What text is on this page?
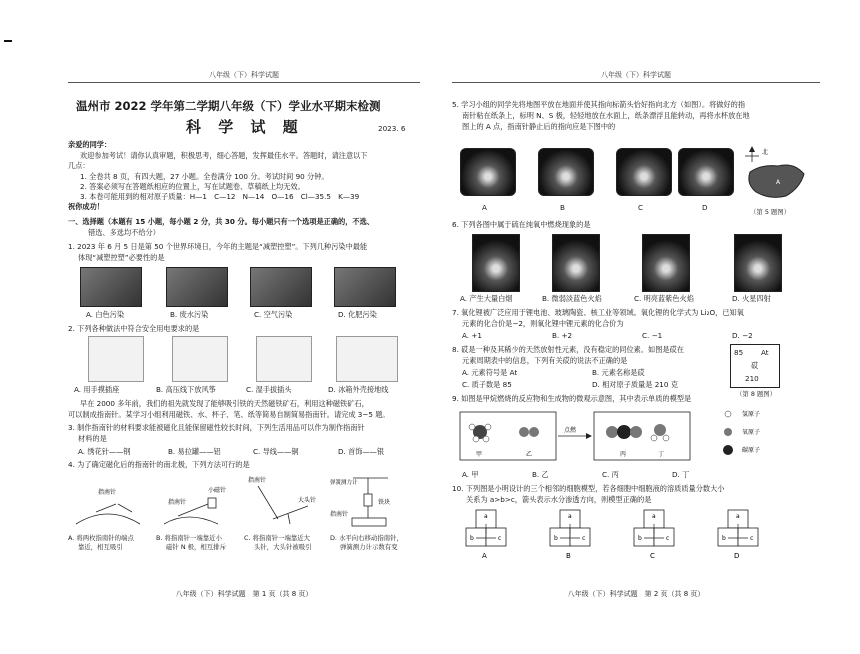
八年级（下）科学试题
温州市 2022 学年第二学期八年级（下）学业水平期末检测
科 学 试 题	2023. 6
亲爱的同学：
欢迎参加考试！请你认真审题，积极思考，细心答题，发挥最佳水平。答题时，请注意以下
几点：
1. 全卷共 8 页，有四大题，27 小题。全卷满分 100 分。考试时间 90 分钟。
2. 答案必须写在答题纸相应的位置上，写在试题卷、草稿纸上均无效。
3. 本卷可能用到的相对原子质量：H—1　C—12　N—14　O—16　Cl—35.5　K—39
祝你成功！
一、选择题（本题有 15 小题，每小题 2 分，共 30 分。每小题只有一个选项是正确的，不选、
错选、多选均不给分）
1. 2023 年 6 月 5 日是第 50 个世界环境日，今年的主题是“减塑控塑”。下列几种污染中最能
体现“减塑控塑”必要性的是
A. 白色污染	B. 废水污染	C. 空气污染	D. 化肥污染
2. 下列各种做法中符合安全用电要求的是
A. 用手摸插座	B. 高压线下放风筝	C. 湿手拔插头	D. 冰箱外壳接地线
早在 2000 多年前，我们的祖先就发现了能够吸引铁的天然磁铁矿石，利用这种磁铁矿石，
可以制成指南针。某学习小组利用磁铁、水、杯子、笔、纸等简易自制简易指南针。请完成 3~5 题。
3. 制作指南针的材料要求能被磁化且能保留磁性较长时间，下列生活用品可以作为制作指南针
材料的是
A. 绣花针——钢	B. 易拉罐——铝	C. 导线——铜	D. 首饰——银
4. 为了确定磁化后的指南针的南北极，下列方法可行的是
指南针	小磁针
指南针
指南针
大头针
弹簧测力计
铁块
指南针
A. 将两枚指南针的端点
靠近，相互吸引
B. 将指南针一端靠近小
磁针 N 极，相互排斥
C. 将指南针一端靠近大
头针，大头针被吸引
D. 水平向右移动指南针，
弹簧测力计示数有变
八年级（下）科学试题　第 1 页（共 8 页）
八年级（下）科学试题
5. 学习小组的同学先将地图平放在地面并使其指向标箭头恰好指向北方（如图）。将做好的指
南针粘在纸条上，标明 N、S 极，轻轻地放在水面上，纸条漂浮且能转动，再将水杯放在地
图上的 A 点，指南针静止后的指向应是下图中的
A	B	C	D
北
A
（第 5 题图）
6. 下列各图中属于硫在纯氧中燃烧现象的是
A. 产生大量白烟	B. 微弱淡蓝色火焰	C. 明亮蓝紫色火焰	D. 火星四射
7. 氧化锂被广泛应用于锂电池、玻璃陶瓷、核工业等领域。氧化锂的化学式为 Li₂O，已知氧
元素的化合价是−2，则氧化锂中锂元素的化合价为
A. +1	B. +2	C. −1	D. −2
8. 砹是一种及其稀少的天然放射性元素，没有稳定的同位素。如图是砹在
元素周期表中的信息，下列有关砹的说法不正确的是
A. 元素符号是 At	B. 元素名称是砹
C. 质子数是 85	D. 相对原子质量是 210 克
85 At
砹
210
（第 8 题图）
9. 如图是甲烷燃烧的反应物和生成物的微观示意图，其中表示单质的模型是
点燃
甲	乙	丙	丁
氢原子
氧原子
碳原子
A. 甲	B. 乙	C. 丙	D. 丁
10. 下列图是小明设计的三个相邻的细胞模型，若各细胞中细胞液的溶质质量分数大小
关系为 a>b>c，箭头表示水分渗透方向，则模型正确的是
a
b	c
a
b	c
a
b	c
a
b	c
A	B	C	D
八年级（下）科学试题　第 2 页（共 8 页）
